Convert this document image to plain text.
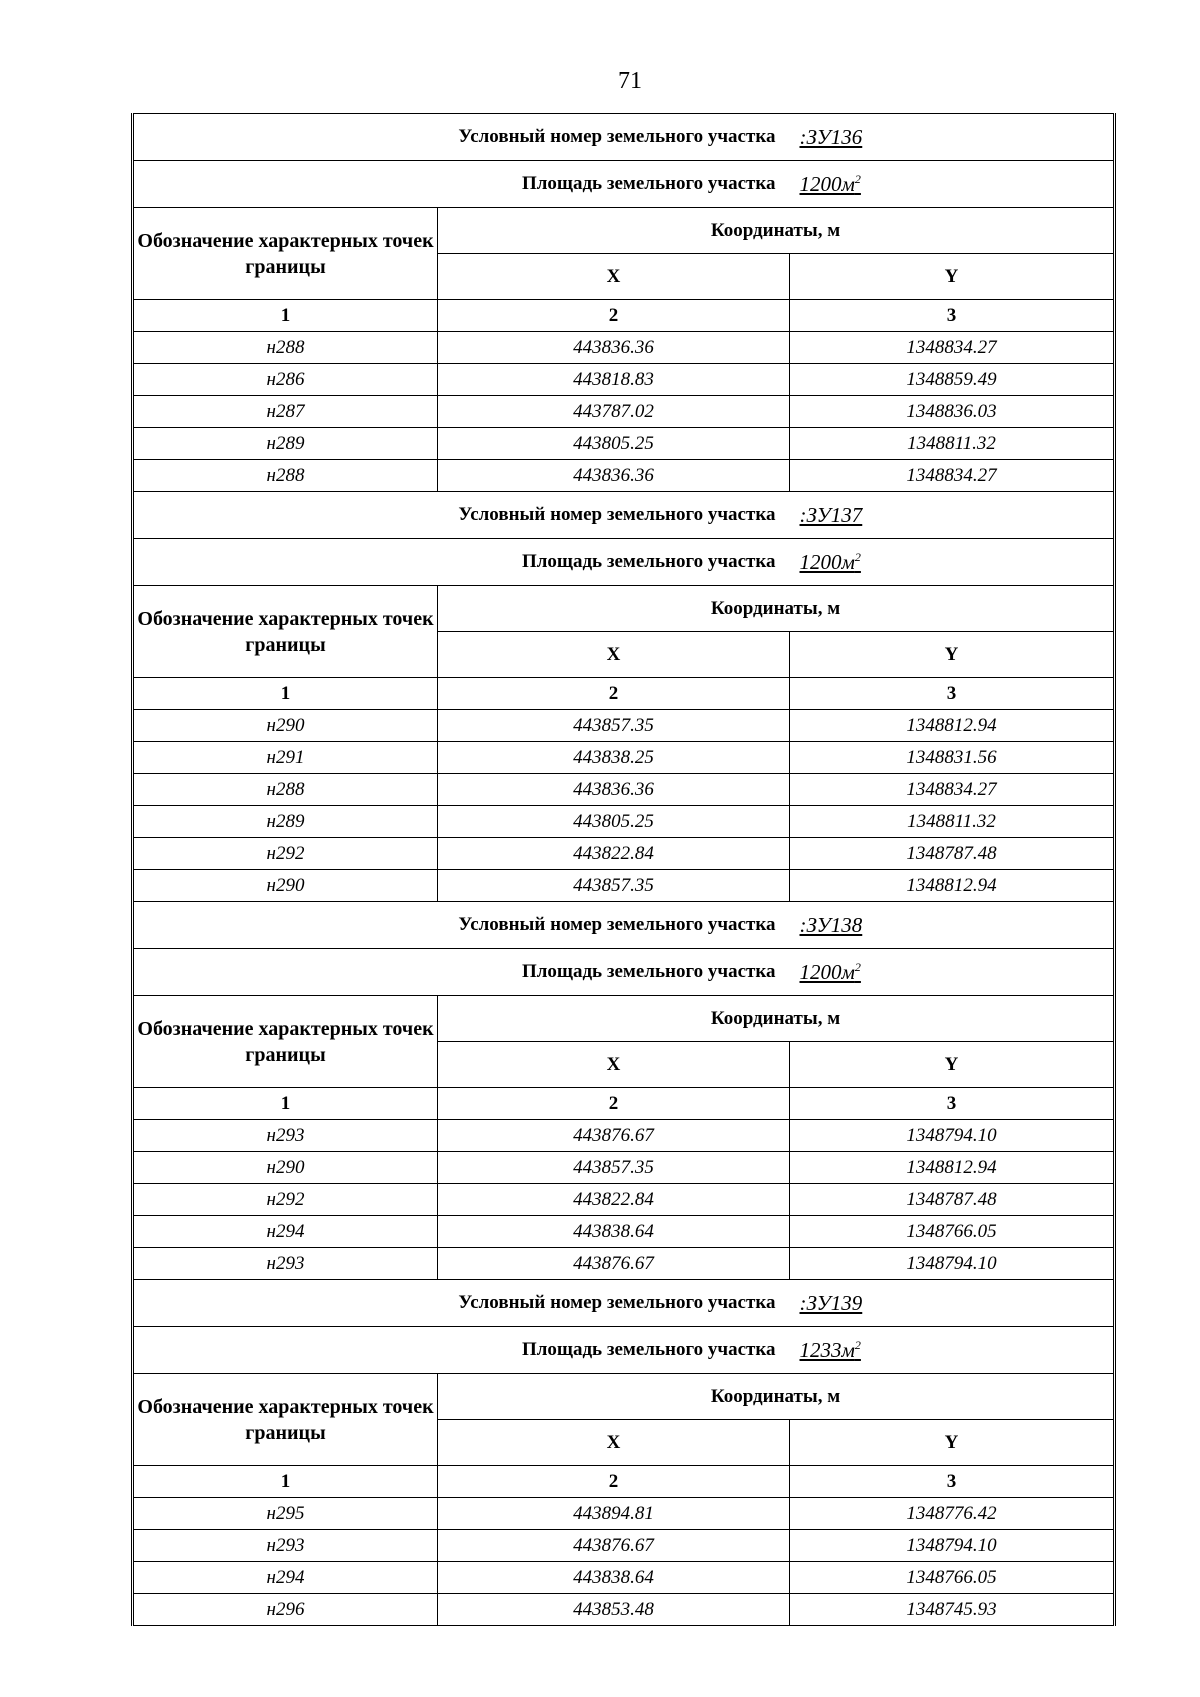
71
Условный номер земельного участка		:ЗУ136
Площадь земельного участка		$1200м^2$
Обозначение характерных точек границы	Координаты, м	
	X	Y
1	2	3
н288	443836.36	1348834.27
н286	443818.83	1348859.49
н287	443787.02	1348836.03
н289	443805.25	1348811.32
н288	443836.36	1348834.27
Условный номер земельного участка		:ЗУ137
Площадь земельного участка		$1200м^2$
Обозначение характерных точек границы	Координаты, м	
	X	Y
1	2	3
н290	443857.35	1348812.94
н291	443838.25	1348831.56
н288	443836.36	1348834.27
н289	443805.25	1348811.32
н292	443822.84	1348787.48
н290	443857.35	1348812.94
Условный номер земельного участка		:ЗУ138
Площадь земельного участка		$1200м^2$
Обозначение характерных точек границы	Координаты, м	
	X	Y
1	2	3
н293	443876.67	1348794.10
н290	443857.35	1348812.94
н292	443822.84	1348787.48
н294	443838.64	1348766.05
н293	443876.67	1348794.10
Условный номер земельного участка		:ЗУ139
Площадь земельного участка		$1233м^2$
Обозначение характерных точек границы	Координаты, м	
	X	Y
1	2	3
н295	443894.81	1348776.42
н293	443876.67	1348794.10
н294	443838.64	1348766.05
н296	443853.48	1348745.93
